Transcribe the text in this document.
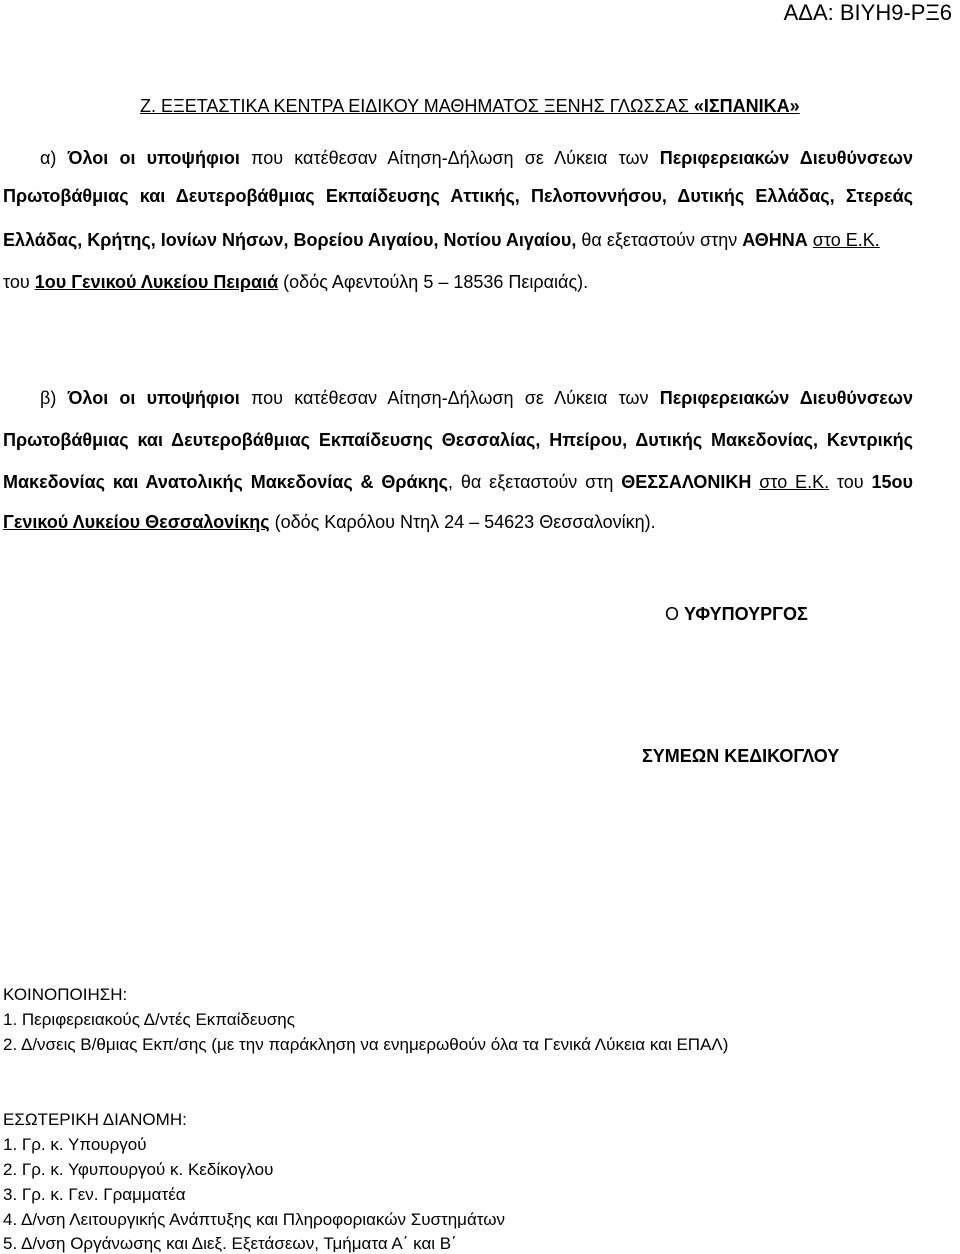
ΑΔΑ: ΒΙΥΗ9-ΡΞ6
Ζ. ΕΞΕΤΑΣΤΙΚΑ ΚΕΝΤΡΑ ΕΙΔΙΚΟΥ ΜΑΘΗΜΑΤΟΣ ΞΕΝΗΣ ΓΛΩΣΣΑΣ «ΙΣΠΑΝΙΚΑ»
α) Όλοι οι υποψήφιοι που κατέθεσαν Αίτηση-Δήλωση σε Λύκεια των Περιφερειακών Διευθύνσεων
Πρωτοβάθμιας και Δευτεροβάθμιας Εκπαίδευσης Αττικής, Πελοποννήσου, Δυτικής Ελλάδας, Στερεάς
Ελλάδας, Κρήτης, Ιονίων Νήσων, Βορείου Αιγαίου, Νοτίου Αιγαίου, θα εξεταστούν στην ΑΘΗΝΑ στο Ε.Κ.
του 1ου Γενικού Λυκείου Πειραιά (οδός Αφεντούλη 5 – 18536 Πειραιάς).
β) Όλοι οι υποψήφιοι που κατέθεσαν Αίτηση-Δήλωση σε Λύκεια των Περιφερειακών Διευθύνσεων
Πρωτοβάθμιας και Δευτεροβάθμιας Εκπαίδευσης Θεσσαλίας, Ηπείρου, Δυτικής Μακεδονίας, Κεντρικής
Μακεδονίας και Ανατολικής Μακεδονίας & Θράκης, θα εξεταστούν στη ΘΕΣΣΑΛΟΝΙΚΗ στο Ε.Κ. του 15ου
Γενικού Λυκείου Θεσσαλονίκης (οδός Καρόλου Ντηλ 24 – 54623 Θεσσαλονίκη).
Ο ΥΦΥΠΟΥΡΓΟΣ
ΣΥΜΕΩΝ ΚΕΔΙΚΟΓΛΟΥ
ΚΟΙΝΟΠΟΙΗΣΗ:
1. Περιφερειακούς Δ/ντές Εκπαίδευσης
2. Δ/νσεις Β/θμιας Εκπ/σης (με την παράκληση να ενημερωθούν όλα τα Γενικά Λύκεια και ΕΠΑΛ)
ΕΣΩΤΕΡΙΚΗ ΔΙΑΝΟΜΗ:
1. Γρ. κ. Υπουργού
2. Γρ. κ. Υφυπουργού κ. Κεδίκογλου
3. Γρ. κ. Γεν. Γραμματέα
4. Δ/νση Λειτουργικής Ανάπτυξης και Πληροφοριακών Συστημάτων
5. Δ/νση Οργάνωσης και Διεξ. Εξετάσεων, Τμήματα Α΄ και Β΄
